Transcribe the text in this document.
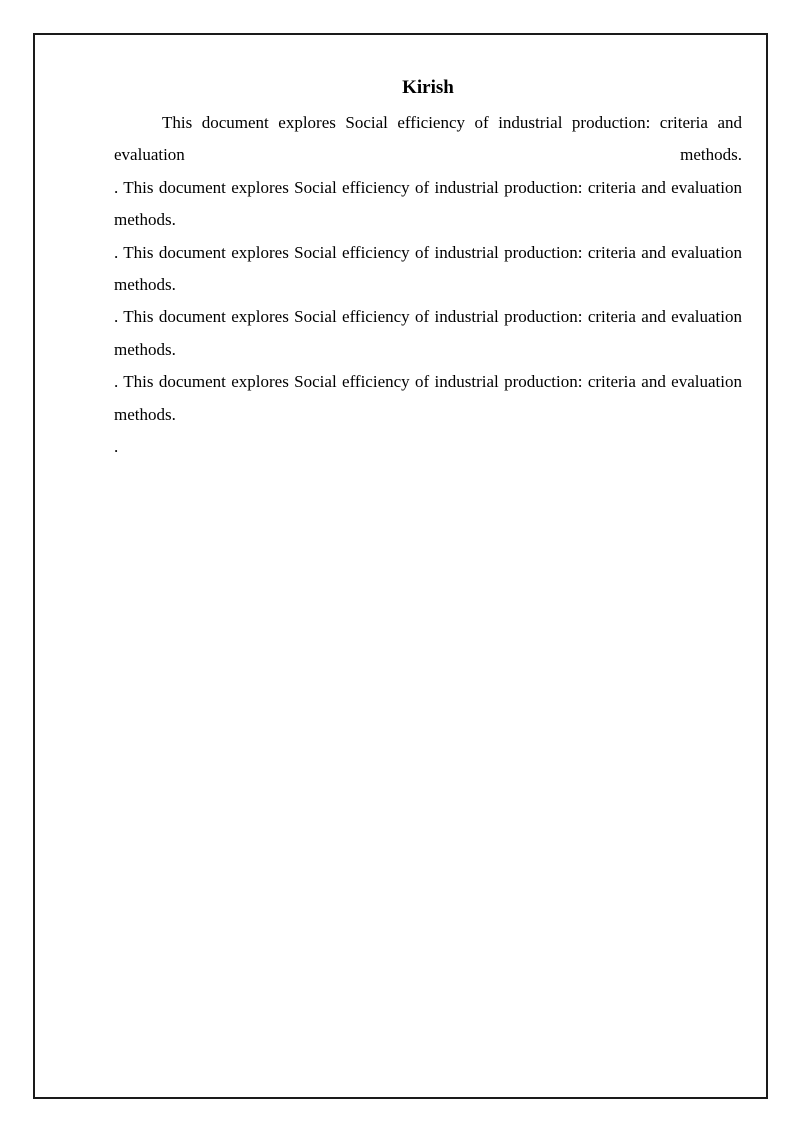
Kirish

This document explores Social efficiency of industrial production: criteria and evaluation methods.

. This document explores Social efficiency of industrial production: criteria and evaluation methods.

. This document explores Social efficiency of industrial production: criteria and evaluation methods.

. This document explores Social efficiency of industrial production: criteria and evaluation methods.

. This document explores Social efficiency of industrial production: criteria and evaluation methods.

.
